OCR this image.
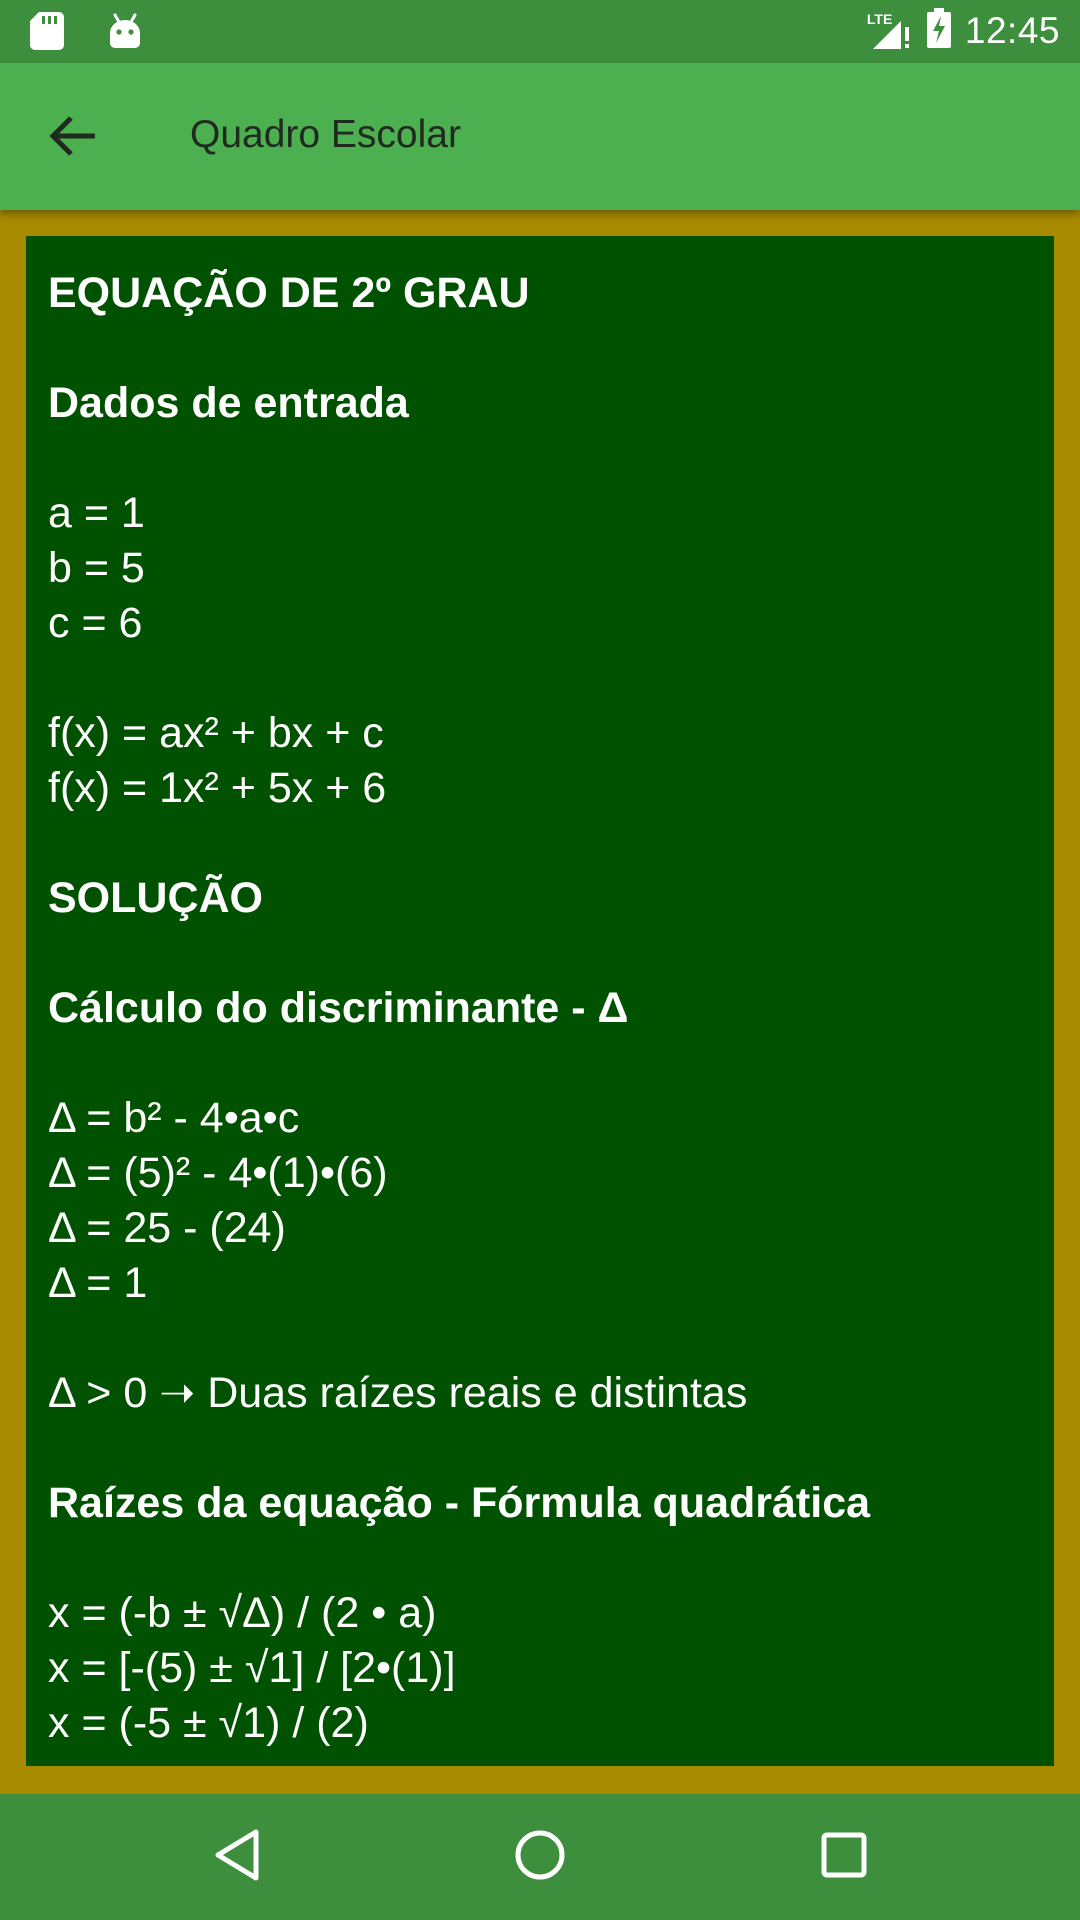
LTE 12:45
Quadro Escolar
EQUAÇÃO DE 2º GRAU
Dados de entrada
a = 1
b = 5
c = 6
f(x) = ax² + bx + c
f(x) = 1x² + 5x + 6
SOLUÇÃO
Cálculo do discriminante - Δ
Δ = b² - 4•a•c
Δ = (5)² - 4•(1)•(6)
Δ = 25 - (24)
Δ = 1
Δ > 0 ➝ Duas raízes reais e distintas
Raízes da equação - Fórmula quadrática
x = (-b ± √Δ) / (2 • a)
x = [-(5) ± √1] / [2•(1)]
x = (-5 ± √1) / (2)
